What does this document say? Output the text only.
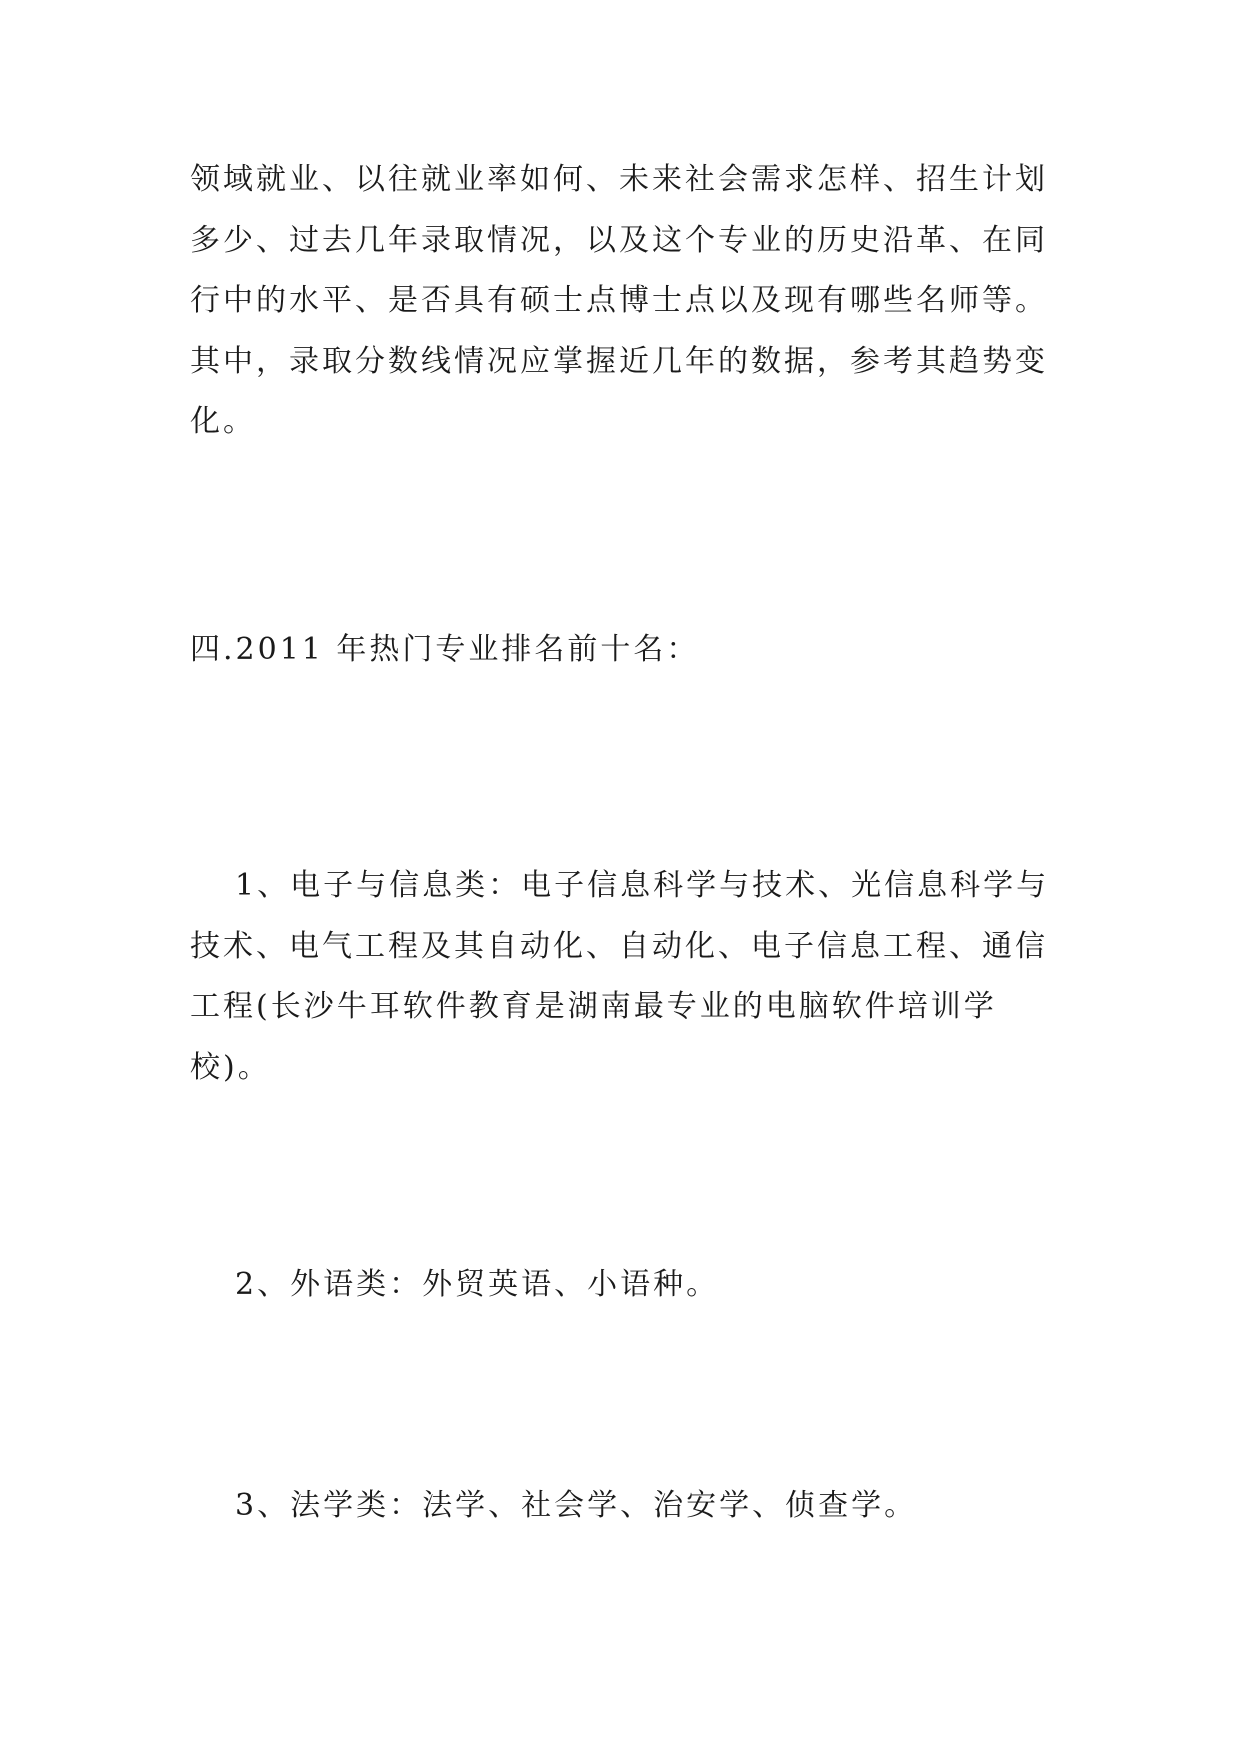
领域就业、以往就业率如何、未来社会需求怎样、招生计划
多少、过去几年录取情况，以及这个专业的历史沿革、在同
行中的水平、是否具有硕士点博士点以及现有哪些名师等。
其中，录取分数线情况应掌握近几年的数据，参考其趋势变
化。

四.2011 年热门专业排名前十名：

1、电子与信息类：电子信息科学与技术、光信息科学与
技术、电气工程及其自动化、自动化、电子信息工程、通信
工程(长沙牛耳软件教育是湖南最专业的电脑软件培训学
校)。

2、外语类：外贸英语、小语种。

3、法学类：法学、社会学、治安学、侦查学。
